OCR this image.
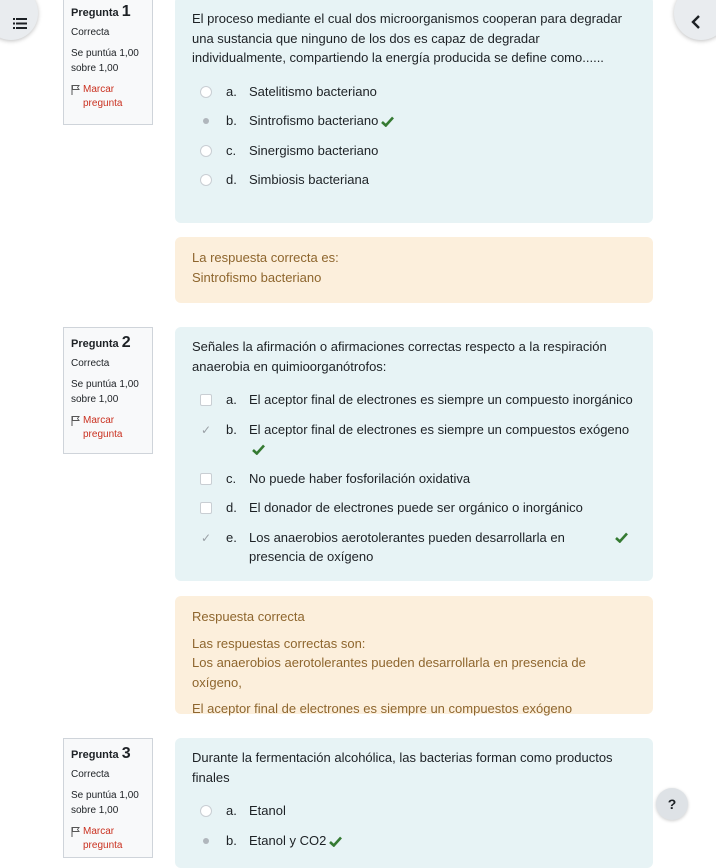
Pregunta 1
Correcta
Se puntúa 1,00 sobre 1,00
Marcar pregunta
El proceso mediante el cual dos microorganismos cooperan para degradar una sustancia que ninguno de los dos es capaz de degradar individualmente, compartiendo la energía producida se define como......
a. Satelitismo bacteriano
b. Sintrofismo bacteriano
c. Sinergismo bacteriano
d. Simbiosis bacteriana
La respuesta correcta es:
Sintrofismo bacteriano
Pregunta 2
Correcta
Se puntúa 1,00 sobre 1,00
Marcar pregunta
Señales la afirmación o afirmaciones correctas respecto a la respiración anaerobia en quimioorganótrofos:
a. El aceptor final de electrones es siempre un compuesto inorgánico
✓ b. El aceptor final de electrones es siempre un compuestos exógeno
c. No puede haber fosforilación oxidativa
d. El donador de electrones puede ser orgánico o inorgánico
✓ e. Los anaerobios aerotolerantes pueden desarrollarla en presencia de oxígeno
Respuesta correcta
Las respuestas correctas son:
Los anaerobios aerotolerantes pueden desarrollarla en presencia de oxígeno,
El aceptor final de electrones es siempre un compuestos exógeno
Pregunta 3
Correcta
Se puntúa 1,00 sobre 1,00
Marcar pregunta
Durante la fermentación alcohólica, las bacterias forman como productos finales
a. Etanol
b. Etanol y CO2
?
